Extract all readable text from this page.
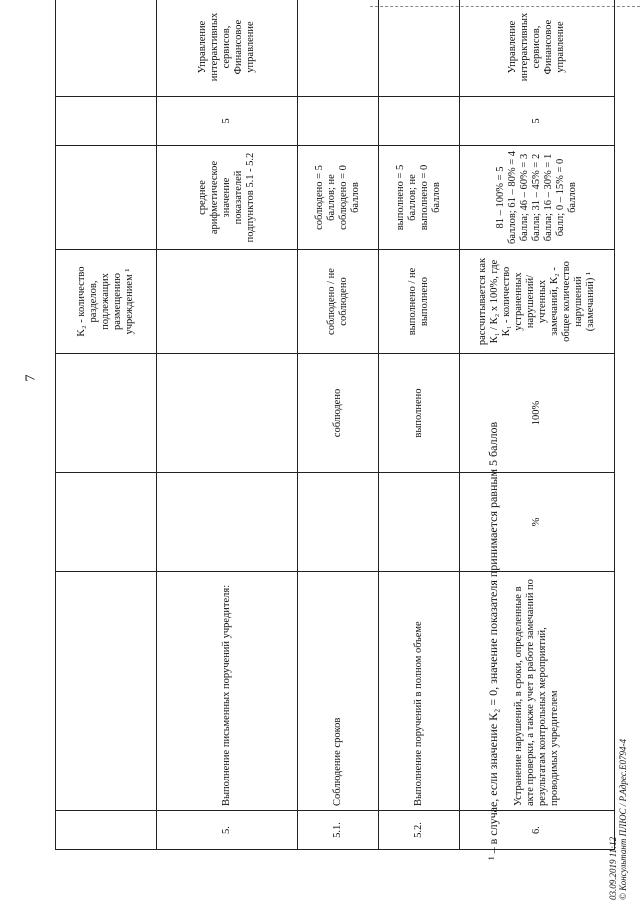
7
				K₂ - количество разделов, подлежащих размещению учреждением ¹			
5.	Выполнение письменных поручений учредителя:				среднее арифметическое значение показателей подпунктов 5.1 - 5.2	5	Управление интерактивных сервисов, Финансовое управление
5.1.	Соблюдение сроков		соблюдено	соблюдено / не соблюдено	соблюдено = 5 баллов; не соблюдено = 0 баллов		
5.2.	Выполнение поручений в полном объеме		выполнено	выполнено / не выполнено	выполнено = 5 баллов; не выполнено = 0 баллов		
6.	Устранение нарушений, в сроки, определенные в акте проверки, а также учет в работе замечаний по результатам контрольных мероприятий, проводимых учредителем	%	100%	рассчитывается как К₁ / К₂ х 100%, где К₁ - количество устраненных нарушений/ учтенных замечаний, К₂ - общее количество нарушений (замечаний) ¹	81 – 100% = 5 баллов; 61 – 80% = 4 балла; 46 – 60% = 3 балла; 31 – 45% = 2 балла; 16 – 30% = 1 балл; 0 – 15% = 0 баллов	5	Управление интерактивных сервисов, Финансовое управление
¹ – в случае, если значение К₂ = 0, значение показателя принимается равным 5 баллов
03.09.2019 11:12 © Консультант ПЛЮС / Р.Адрес.E0794-4
